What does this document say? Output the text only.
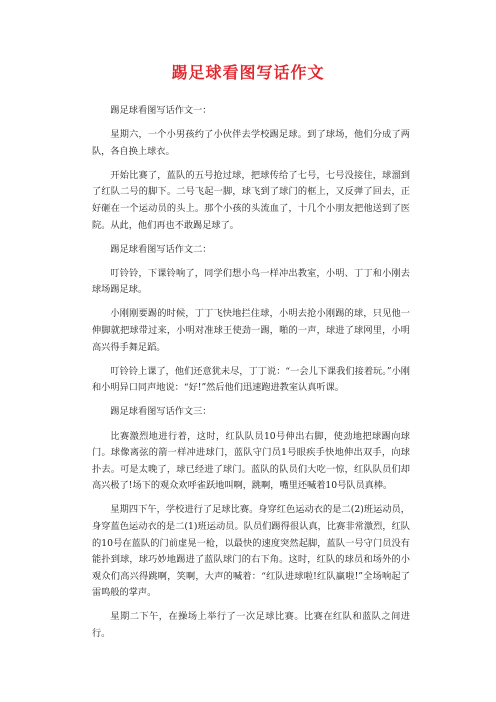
踢足球看图写话作文

踢足球看图写话作文一：

星期六，一个小男孩约了小伙伴去学校踢足球。到了球场，他们分成了两队，各自换上球衣。

开始比赛了，蓝队的五号抢过球，把球传给了七号，七号没接住，球溜到了红队二号的脚下。二号飞起一脚，球飞到了球门的框上，又反弹了回去，正好砸在一个运动员的头上。那个小孩的头流血了，十几个小朋友把他送到了医院。从此，他们再也不敢踢足球了。

踢足球看图写话作文二：

叮铃铃，下课铃响了，同学们想小鸟一样冲出教室，小明、丁丁和小刚去球场踢足球。

小刚刚要踢的时候，丁丁飞快地拦住球，小明去抢小刚踢的球，只见他一伸脚就把球带过来，小明对准球王使劲一踢，啪的一声，球进了球网里，小明高兴得手舞足蹈。

叮铃铃上课了，他们还意犹未尽，丁丁说：“一会儿下课我们接着玩。”小刚和小明异口同声地说：“好!”然后他们迅速跑进教室认真听课。

踢足球看图写话作文三：

比赛激烈地进行着，这时，红队队员10号伸出右脚，使劲地把球踢向球门。球像离弦的箭一样冲进球门，蓝队守门员1号眼疾手快地伸出双手，向球扑去。可是太晚了，球已经进了球门。蓝队的队员们大吃一惊，红队队员们却高兴极了!场下的观众欢呼雀跃地叫啊，跳啊，嘴里还喊着10号队员真棒。

星期四下午，学校进行了足球比赛。身穿红色运动衣的是二(2)班运动员，身穿蓝色运动衣的是二(1)班运动员。队员们踢得很认真，比赛非常激烈，红队的10号在蓝队的门前虚晃一枪，以最快的速度突然起脚，蓝队一号守门员没有能扑到球，球巧妙地踢进了蓝队球门的右下角。这时，红队的球员和场外的小观众们高兴得跳啊，笑啊，大声的喊着：“红队进球啦!红队赢啦!”全场响起了雷鸣般的掌声。

星期二下午，在操场上举行了一次足球比赛。比赛在红队和蓝队之间进行。
